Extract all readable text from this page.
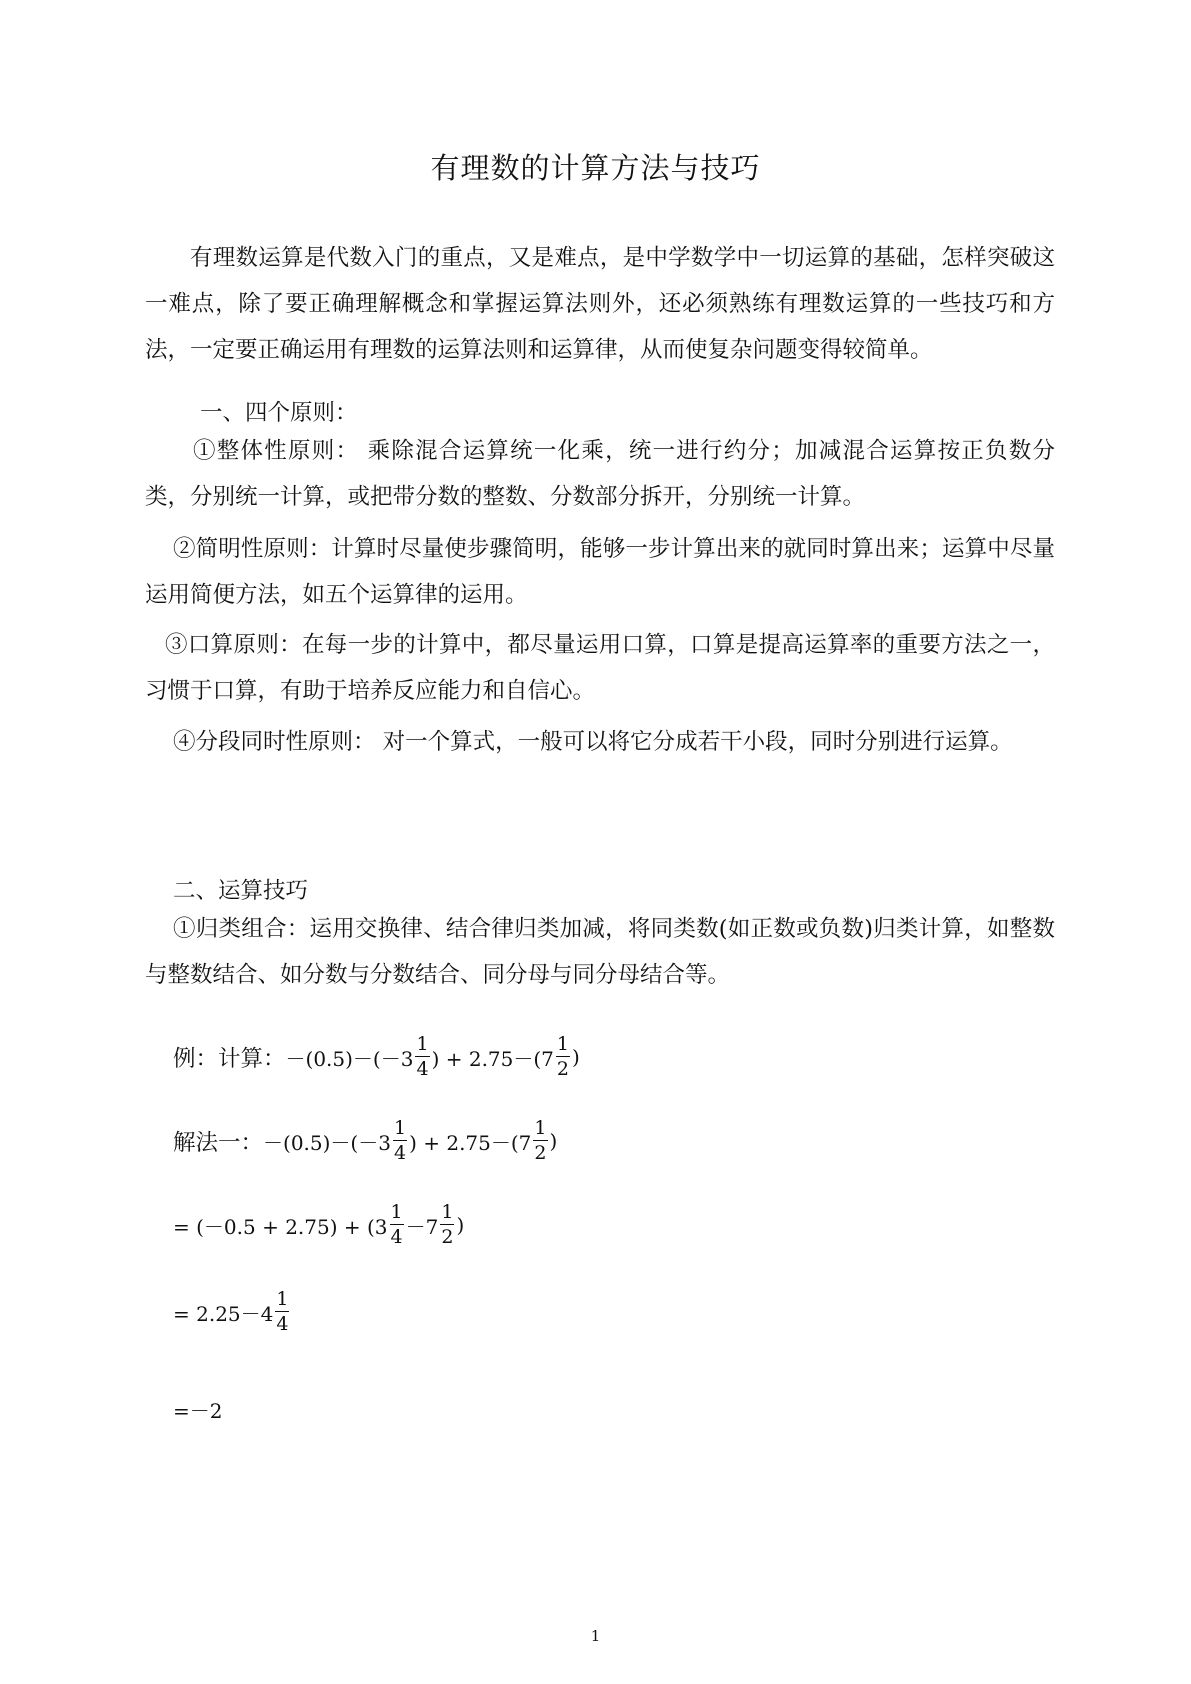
有理数的计算方法与技巧
有理数运算是代数入门的重点，又是难点，是中学数学中一切运算的基础，怎样突破这一难点，除了要正确理解概念和掌握运算法则外，还必须熟练有理数运算的一些技巧和方法，一定要正确运用有理数的运算法则和运算律，从而使复杂问题变得较简单。
一、四个原则：
①整体性原则： 乘除混合运算统一化乘，统一进行约分；加减混合运算按正负数分类，分别统一计算，或把带分数的整数、分数部分拆开，分别统一计算。
②简明性原则：计算时尽量使步骤简明，能够一步计算出来的就同时算出来；运算中尽量运用简便方法，如五个运算律的运用。
③口算原则：在每一步的计算中，都尽量运用口算，口算是提高运算率的重要方法之一，习惯于口算，有助于培养反应能力和自信心。
④分段同时性原则： 对一个算式，一般可以将它分成若干小段，同时分别进行运算。
二、运算技巧
①归类组合：运用交换律、结合律归类加减，将同类数(如正数或负数)归类计算，如整数与整数结合、如分数与分数结合、同分母与同分母结合等。
例：计算： $-(0.5)-(-3 \frac{1}{4}$ ) + $2.75-(7 \frac{1}{2}$ )
解法一： $-(0.5)-(-3 \frac{1}{4}$ ) + $2.75-(7 \frac{1}{2}$ )
= $(-0.5 + 2.75) + (3 \frac{1}{4} -7 \frac{1}{2}$ )
= $2.25-4 \frac{1}{4}$
=－2
1
